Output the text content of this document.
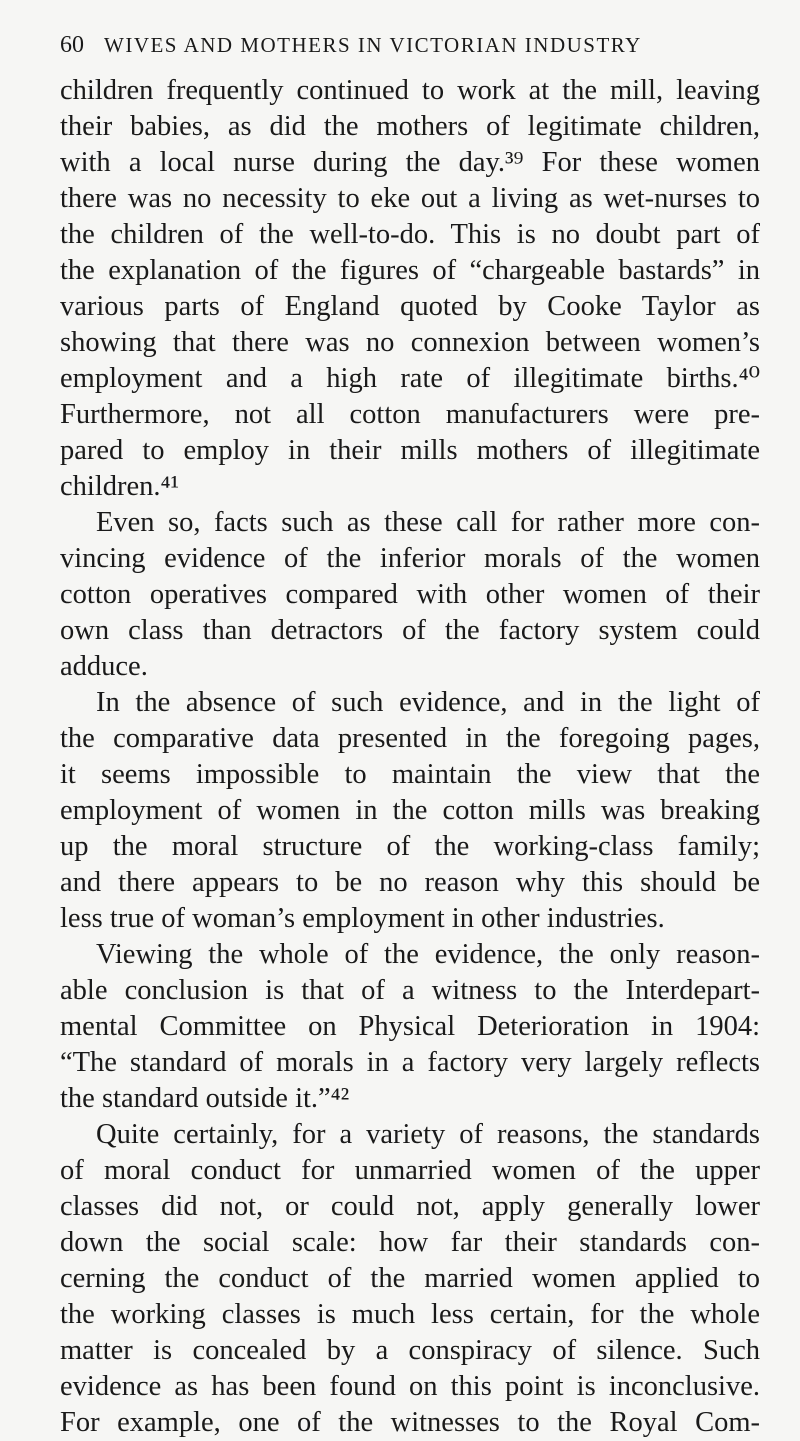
60 WIVES AND MOTHERS IN VICTORIAN INDUSTRY
children frequently continued to work at the mill, leaving
their babies, as did the mothers of legitimate children,
with a local nurse during the day.³⁹ For these women
there was no necessity to eke out a living as wet-nurses to
the children of the well-to-do. This is no doubt part of
the explanation of the figures of “chargeable bastards” in
various parts of England quoted by Cooke Taylor as
showing that there was no connexion between women’s
employment and a high rate of illegitimate births.⁴⁰
Furthermore, not all cotton manufacturers were pre-
pared to employ in their mills mothers of illegitimate
children.⁴¹
Even so, facts such as these call for rather more con-
vincing evidence of the inferior morals of the women
cotton operatives compared with other women of their
own class than detractors of the factory system could
adduce.
In the absence of such evidence, and in the light of
the comparative data presented in the foregoing pages,
it seems impossible to maintain the view that the
employment of women in the cotton mills was breaking
up the moral structure of the working-class family;
and there appears to be no reason why this should be
less true of woman’s employment in other industries.
Viewing the whole of the evidence, the only reason-
able conclusion is that of a witness to the Interdepart-
mental Committee on Physical Deterioration in 1904:
“The standard of morals in a factory very largely reflects
the standard outside it.”⁴²
Quite certainly, for a variety of reasons, the standards
of moral conduct for unmarried women of the upper
classes did not, or could not, apply generally lower
down the social scale: how far their standards con-
cerning the conduct of the married women applied to
the working classes is much less certain, for the whole
matter is concealed by a conspiracy of silence. Such
evidence as has been found on this point is inconclusive.
For example, one of the witnesses to the Royal Com-
